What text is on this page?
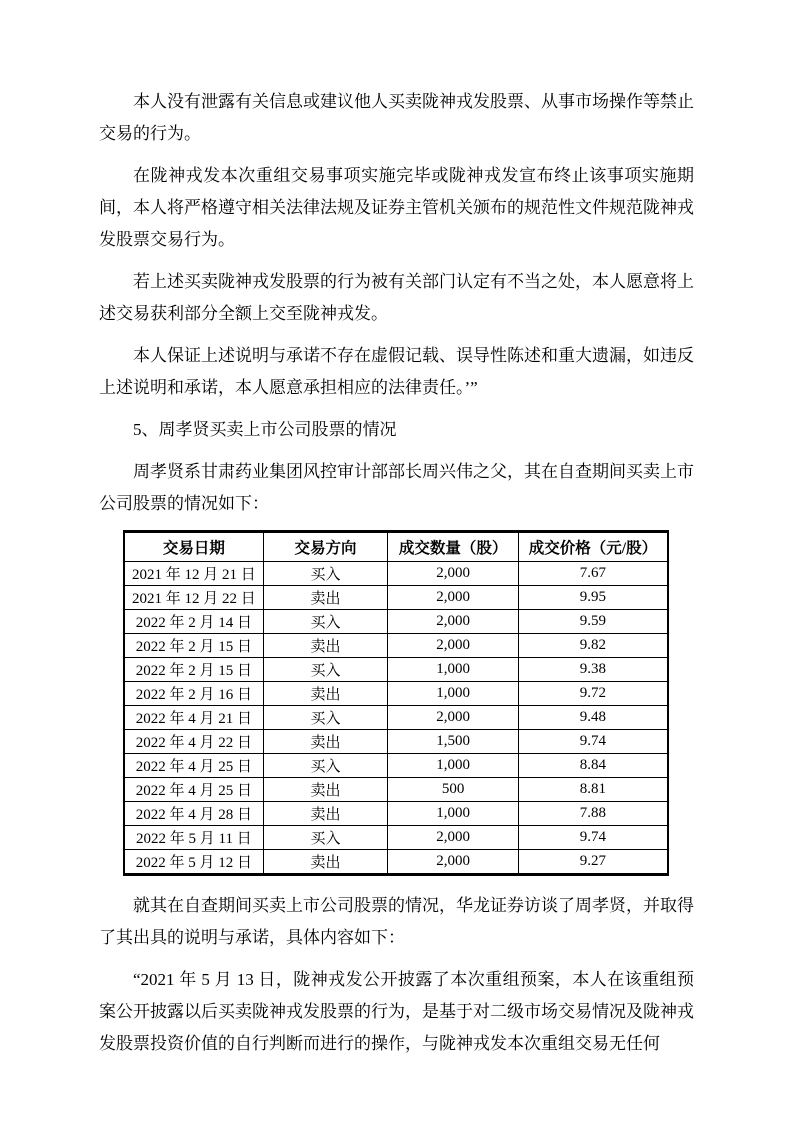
本人没有泄露有关信息或建议他人买卖陇神戎发股票、从事市场操作等禁止交易的行为。

在陇神戎发本次重组交易事项实施完毕或陇神戎发宣布终止该事项实施期间，本人将严格遵守相关法律法规及证券主管机关颁布的规范性文件规范陇神戎发股票交易行为。

若上述买卖陇神戎发股票的行为被有关部门认定有不当之处，本人愿意将上述交易获利部分全额上交至陇神戎发。

本人保证上述说明与承诺不存在虚假记载、误导性陈述和重大遗漏，如违反上述说明和承诺，本人愿意承担相应的法律责任。’”

5、周孝贤买卖上市公司股票的情况

周孝贤系甘肃药业集团风控审计部部长周兴伟之父，其在自查期间买卖上市公司股票的情况如下：

交易日期	交易方向	成交数量（股）	成交价格（元/股）
2021 年 12 月 21 日	买入	2,000	7.67
2021 年 12 月 22 日	卖出	2,000	9.95
2022 年 2 月 14 日	买入	2,000	9.59
2022 年 2 月 15 日	卖出	2,000	9.82
2022 年 2 月 15 日	买入	1,000	9.38
2022 年 2 月 16 日	卖出	1,000	9.72
2022 年 4 月 21 日	买入	2,000	9.48
2022 年 4 月 22 日	卖出	1,500	9.74
2022 年 4 月 25 日	买入	1,000	8.84
2022 年 4 月 25 日	卖出	500	8.81
2022 年 4 月 28 日	卖出	1,000	7.88
2022 年 5 月 11 日	买入	2,000	9.74
2022 年 5 月 12 日	卖出	2,000	9.27

就其在自查期间买卖上市公司股票的情况，华龙证券访谈了周孝贤，并取得了其出具的说明与承诺，具体内容如下：

“2021 年 5 月 13 日，陇神戎发公开披露了本次重组预案，本人在该重组预案公开披露以后买卖陇神戎发股票的行为，是基于对二级市场交易情况及陇神戎发股票投资价值的自行判断而进行的操作，与陇神戎发本次重组交易无任何
